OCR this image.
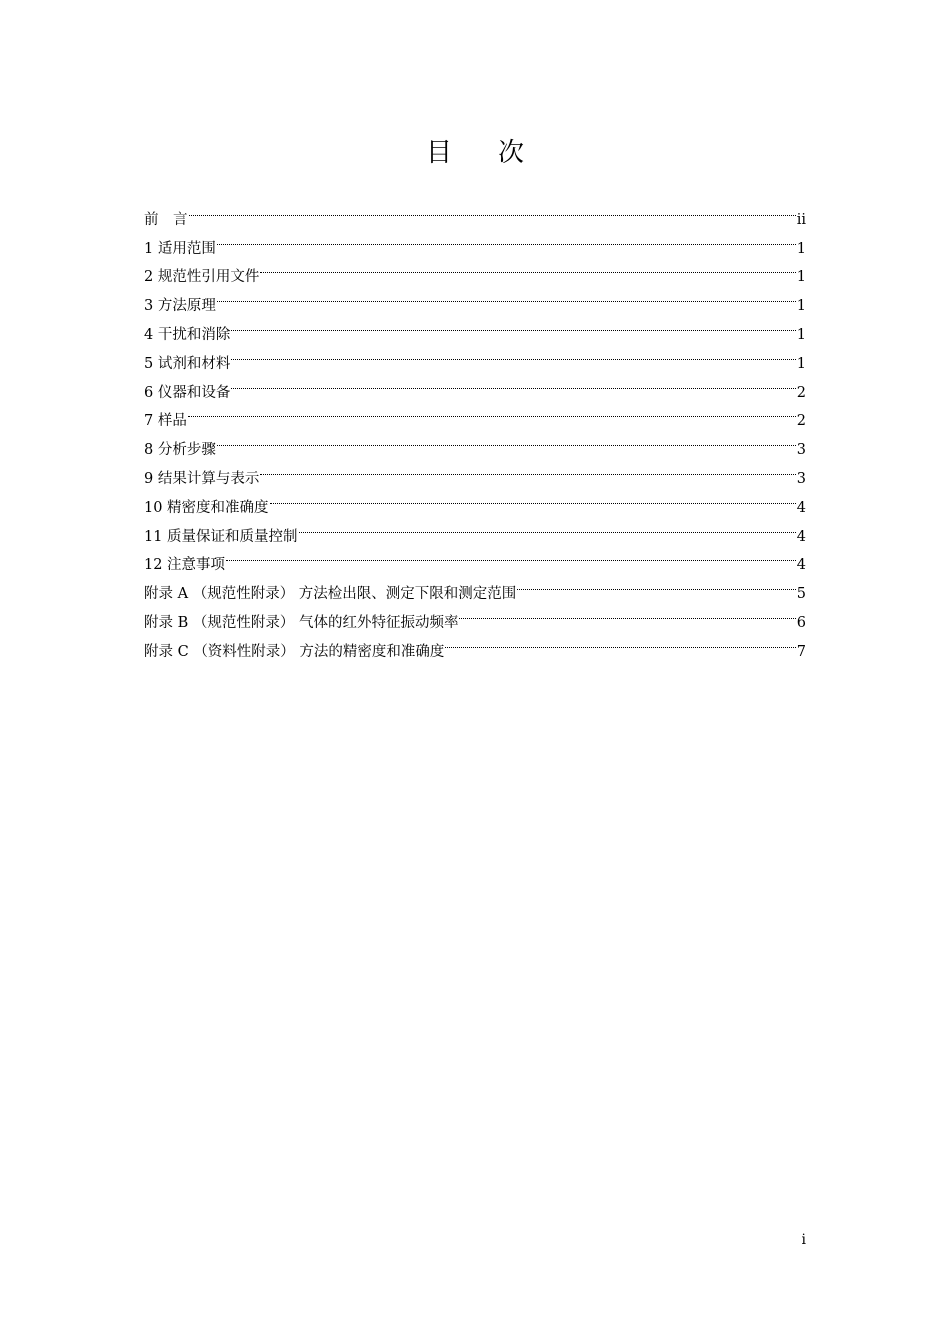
目次
前　言	ii
1 适用范围	1
2 规范性引用文件	1
3 方法原理	1
4 干扰和消除	1
5 试剂和材料	1
6 仪器和设备	2
7 样品	2
8 分析步骤	3
9 结果计算与表示	3
10 精密度和准确度	4
11 质量保证和质量控制	4
12 注意事项	4
附录 A （规范性附录） 方法检出限、测定下限和测定范围	5
附录 B （规范性附录） 气体的红外特征振动频率	6
附录 C （资料性附录） 方法的精密度和准确度	7
i
